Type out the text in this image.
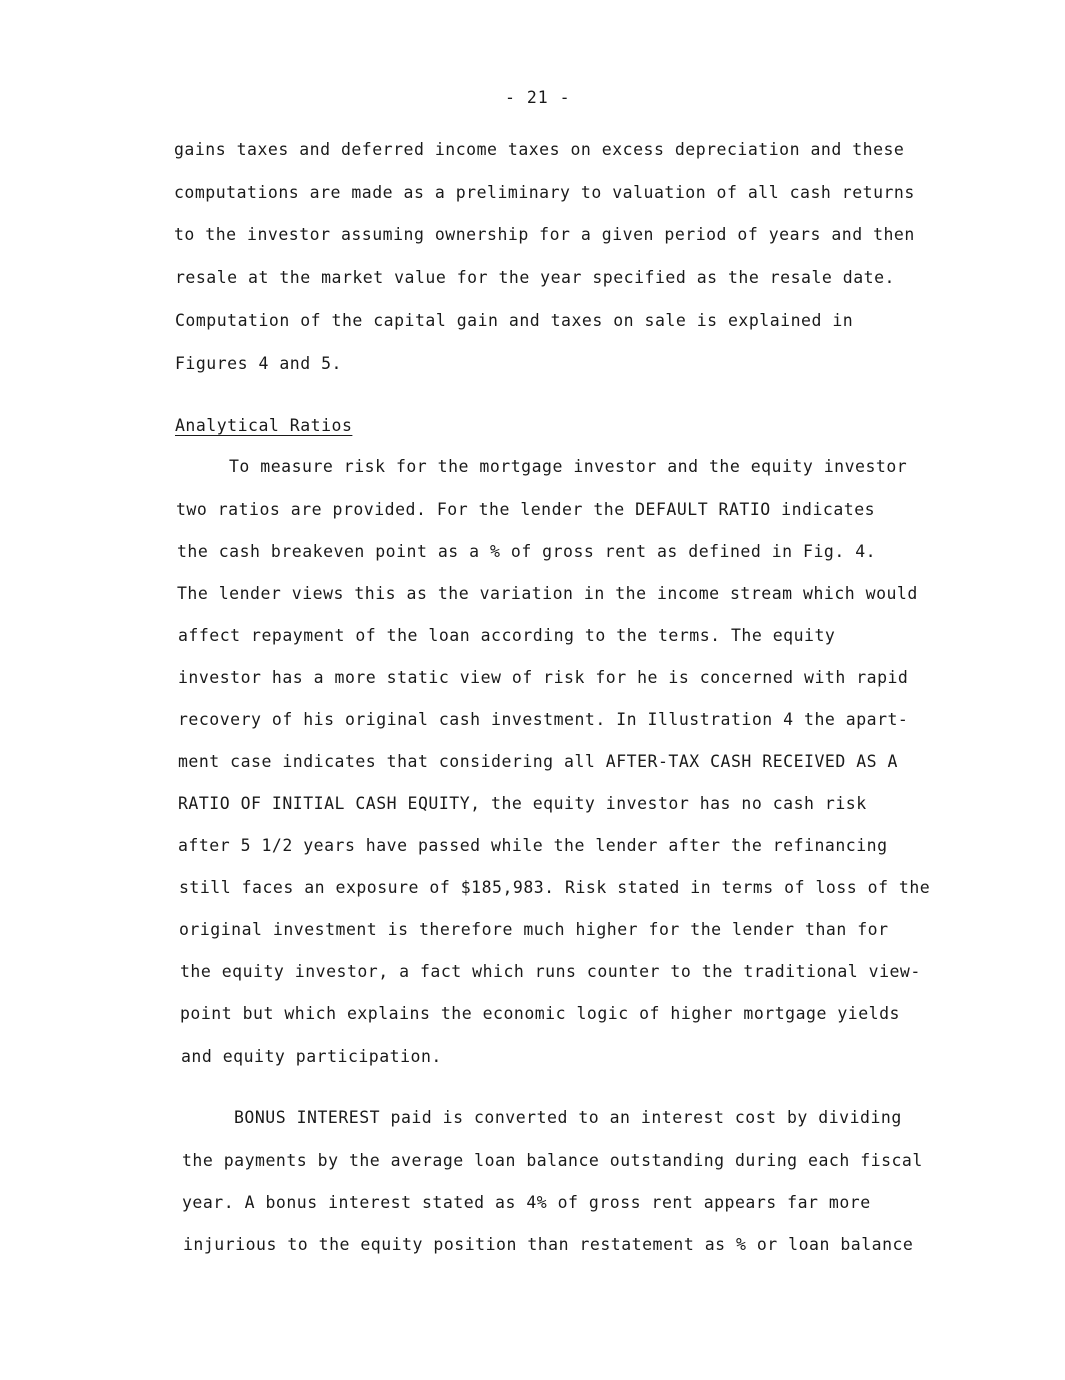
- 21 -
gains taxes and deferred income taxes on excess depreciation and these
computations are made as a preliminary to valuation of all cash returns
to the investor assuming ownership for a given period of years and then
resale at the market value for the year specified as the resale date.
Computation of the capital gain and taxes on sale is explained in
Figures 4 and 5.
Analytical Ratios
To measure risk for the mortgage investor and the equity investor
two ratios are provided. For the lender the DEFAULT RATIO indicates
the cash breakeven point as a % of gross rent as defined in Fig. 4.
The lender views this as the variation in the income stream which would
affect repayment of the loan according to the terms. The equity
investor has a more static view of risk for he is concerned with rapid
recovery of his original cash investment. In Illustration 4 the apart-
ment case indicates that considering all AFTER-TAX CASH RECEIVED AS A
RATIO OF INITIAL CASH EQUITY, the equity investor has no cash risk
after 5 1/2 years have passed while the lender after the refinancing
still faces an exposure of $185,983. Risk stated in terms of loss of the
original investment is therefore much higher for the lender than for
the equity investor, a fact which runs counter to the traditional view-
point but which explains the economic logic of higher mortgage yields
and equity participation.
BONUS INTEREST paid is converted to an interest cost by dividing
the payments by the average loan balance outstanding during each fiscal
year. A bonus interest stated as 4% of gross rent appears far more
injurious to the equity position than restatement as % or loan balance
